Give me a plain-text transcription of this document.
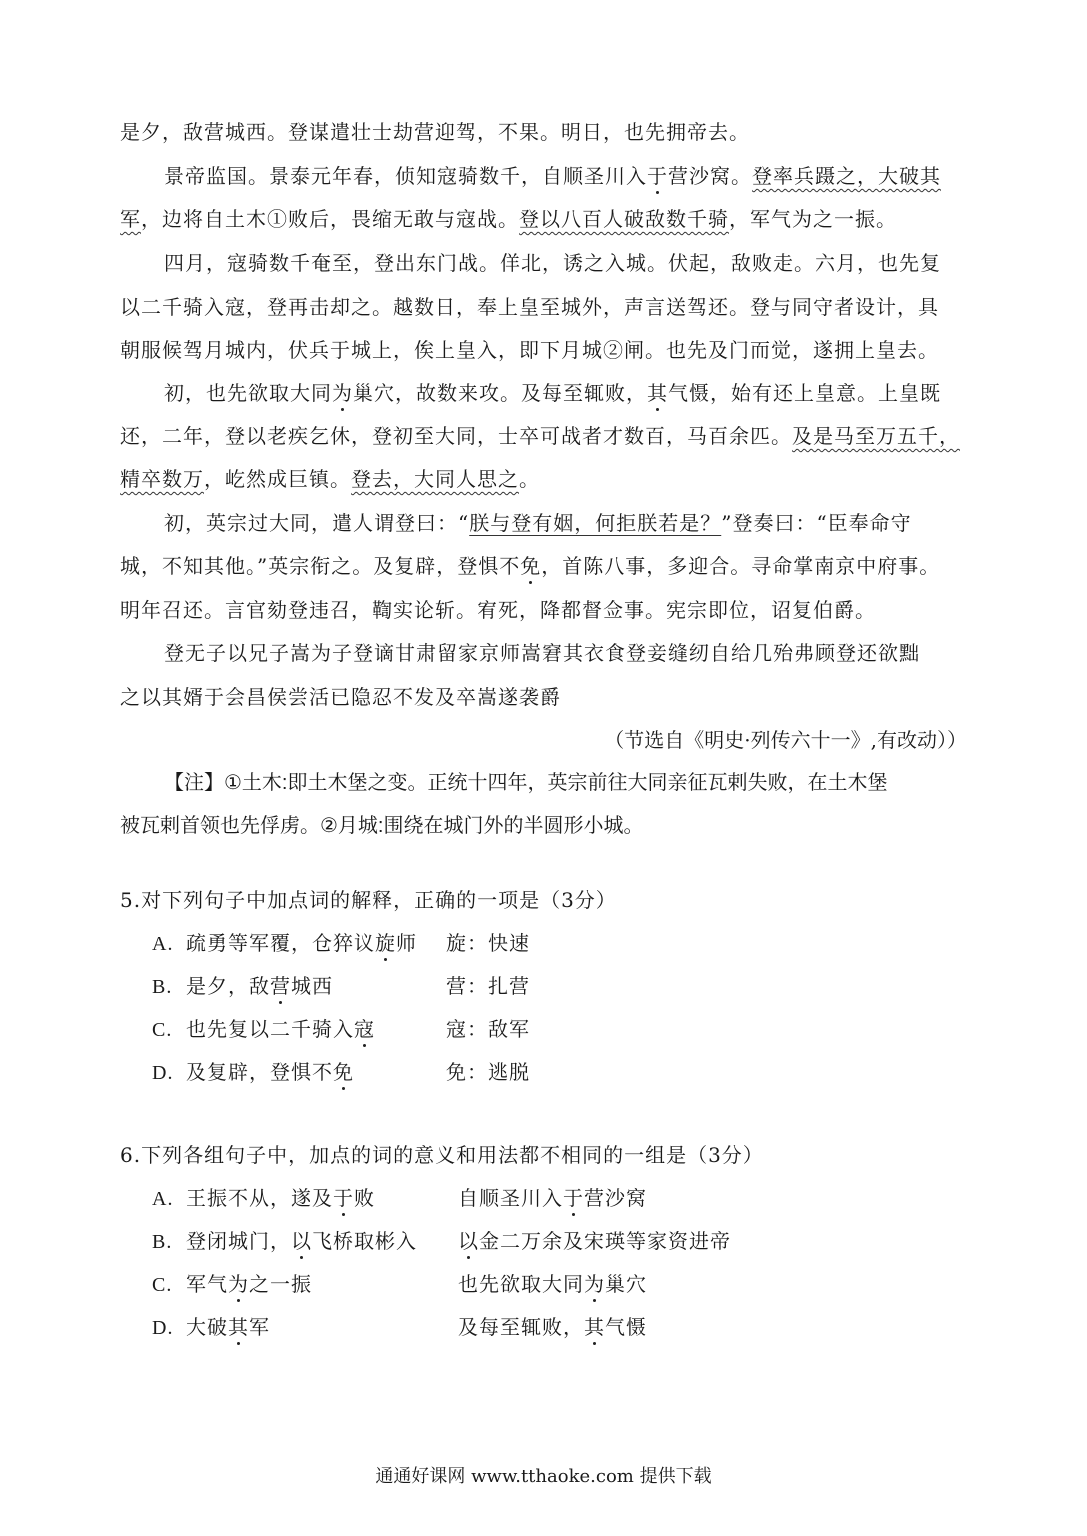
是夕，敌营城西。登谋遣壮士劫营迎驾，不果。明日，也先拥帝去。
景帝监国。景泰元年春，侦知寇骑数千，自顺圣川入于营沙窝。登率兵蹑之，大破其
军，边将自土木①败后，畏缩无敢与寇战。登以八百人破敌数千骑，军气为之一振。
四月，寇骑数千奄至，登出东门战。佯北，诱之入城。伏起，敌败走。六月，也先复
以二千骑入寇，登再击却之。越数日，奉上皇至城外，声言送驾还。登与同守者设计，具
朝服候驾月城内，伏兵于城上，俟上皇入，即下月城②闸。也先及门而觉，遂拥上皇去。
初，也先欲取大同为巢穴，故数来攻。及每至辄败，其气慑，始有还上皇意。上皇既
还，二年，登以老疾乞休，登初至大同，士卒可战者才数百，马百余匹。及是马至万五千，
精卒数万，屹然成巨镇。登去，大同人思之。
初，英宗过大同，遣人谓登曰：“朕与登有姻，何拒朕若是？”登奏曰：“臣奉命守
城，不知其他。”英宗衔之。及复辟，登惧不免，首陈八事，多迎合。寻命掌南京中府事。
明年召还。言官劾登违召，鞫实论斩。宥死，降都督佥事。宪宗即位，诏复伯爵。
登无子以兄子嵩为子登谪甘肃留家京师嵩窘其衣食登妾缝纫自给几殆弗顾登还欲黜
之以其婿于会昌侯尝活已隐忍不发及卒嵩遂袭爵
（节选自《明史·列传六十一》,有改动））
【注】①土木:即土木堡之变。正统十四年，英宗前往大同亲征瓦剌失败，在土木堡
被瓦剌首领也先俘虏。②月城:围绕在城门外的半圆形小城。
5.对下列句子中加点词的解释，正确的一项是（3分）
A. 疏勇等军覆，仓猝议旋师 旋：快速
B. 是夕，敌营城西	营：扎营
C. 也先复以二千骑入寇	寇：敌军
D. 及复辟，登惧不免	免：逃脱
6.下列各组句子中，加点的词的意义和用法都不相同的一组是（3分）
A. 王振不从，遂及于败	自顺圣川入于营沙窝
B. 登闭城门，以飞桥取彬入 以金二万余及宋瑛等家资进帝
C. 军气为之一振	也先欲取大同为巢穴
D. 大破其军	及每至辄败，其气慑
通通好课网 www.tthaoke.com 提供下载
